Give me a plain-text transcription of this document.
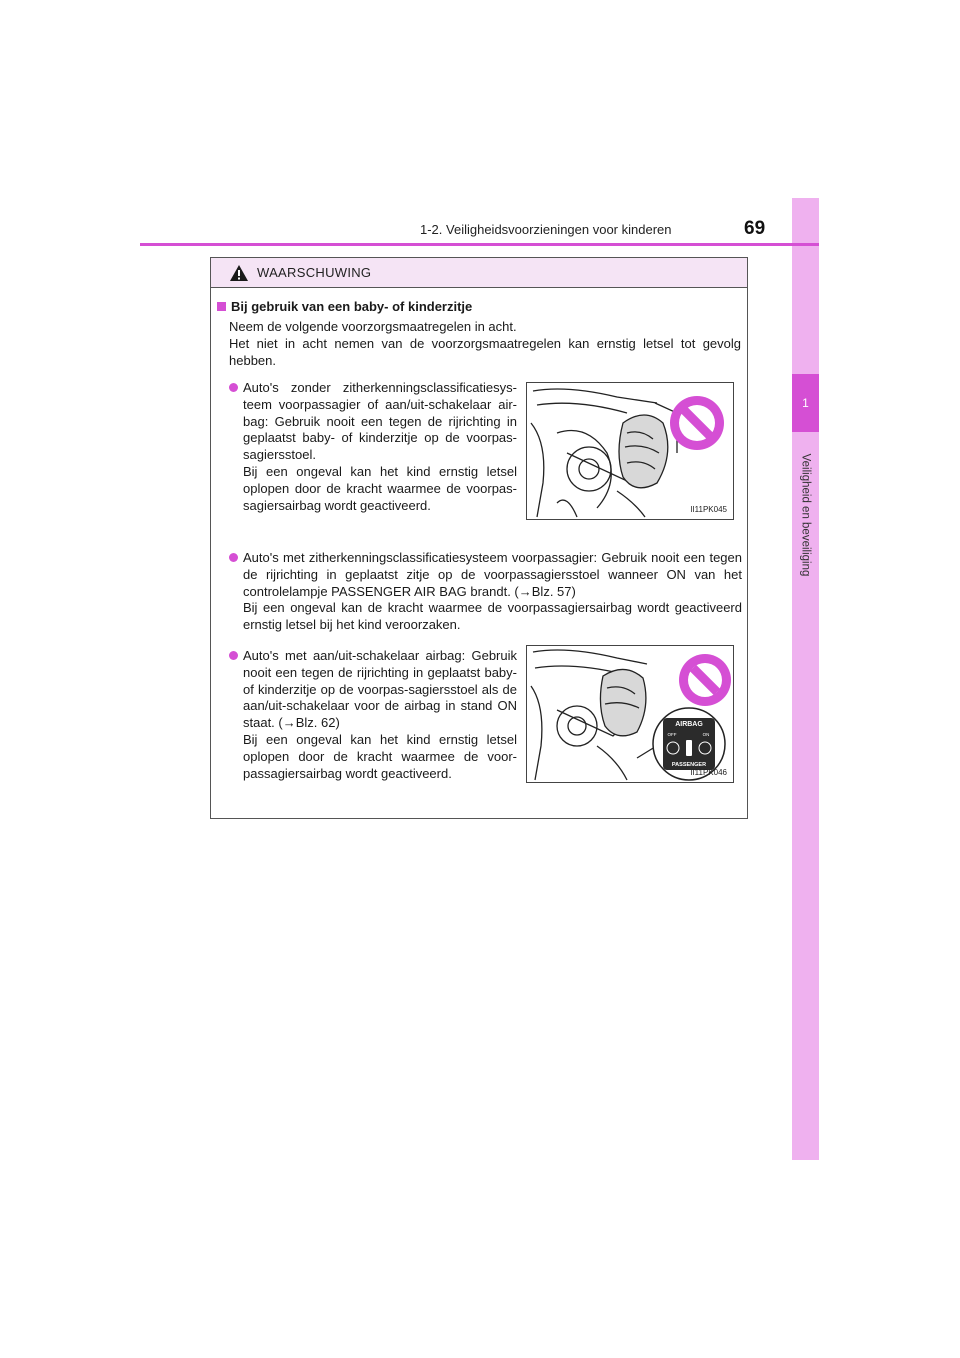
1
Veiligheid en beveiliging
1-2. Veiligheidsvoorzieningen voor kinderen	69
WAARSCHUWING
Bij gebruik van een baby- of kinderzitje
Neem de volgende voorzorgsmaatregelen in acht.
Het niet in acht nemen van de voorzorgsmaatregelen kan ernstig letsel tot gevolg hebben.
Auto's zonder zitherkenningsclassificatiesys-teem voorpassagier of aan/uit-schakelaar air-bag: Gebruik nooit een tegen de rijrichting in geplaatst baby- of kinderzitje op de voorpas-sagiersstoel.
Bij een ongeval kan het kind ernstig letsel oplopen door de kracht waarmee de voorpas-sagiersairbag wordt geactiveerd.	II11PK045
Auto's met zitherkenningsclassificatiesysteem voorpassagier: Gebruik nooit een tegen de rijrichting in geplaatst zitje op de voorpassagiersstoel wanneer ON van het controlelampje PASSENGER AIR BAG brandt. (→Blz. 57)
Bij een ongeval kan de kracht waarmee de voorpassagiersairbag wordt geactiveerd ernstig letsel bij het kind veroorzaken.
Auto's met aan/uit-schakelaar airbag: Gebruik nooit een tegen de rijrichting in geplaatst baby- of kinderzitje op de voorpas-sagiersstoel als de aan/uit-schakelaar voor de airbag in stand ON staat. (→Blz. 62)
Bij een ongeval kan het kind ernstig letsel oplopen door de kracht waarmee de voor-passagiersairbag wordt geactiveerd.
AIRBAG
OFF	ON
PASSENGER
II11PK046
